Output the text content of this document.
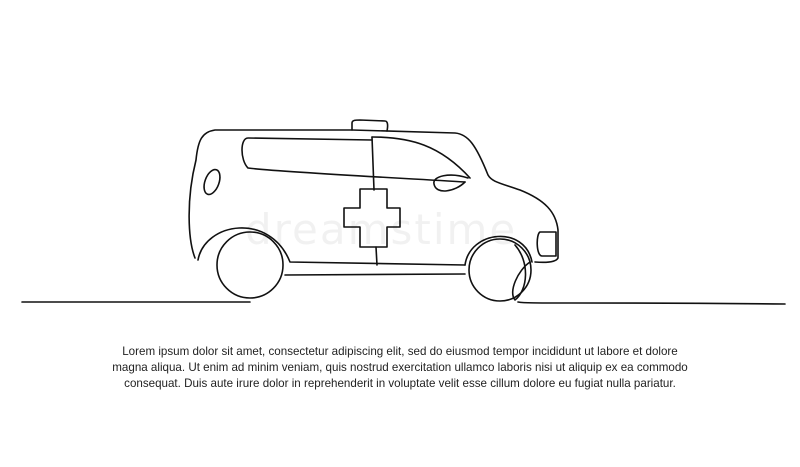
dreamstime
Lorem ipsum dolor sit amet, consectetur adipiscing elit, sed do eiusmod tempor incididunt ut labore et dolore
magna aliqua. Ut enim ad minim veniam, quis nostrud exercitation ullamco laboris nisi ut aliquip ex ea commodo
consequat. Duis aute irure dolor in reprehenderit in voluptate velit esse cillum dolore eu fugiat nulla pariatur.
